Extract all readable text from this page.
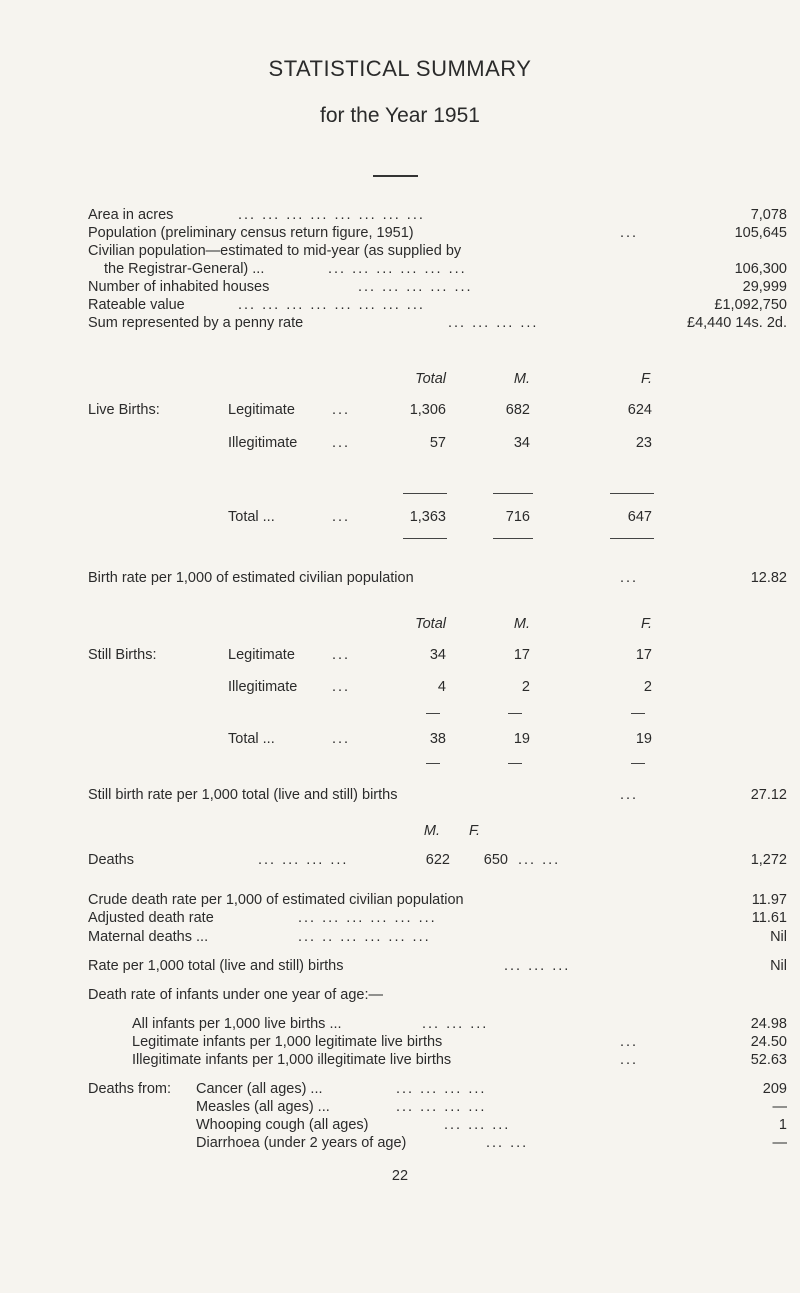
STATISTICAL SUMMARY
for the Year 1951
Area in acres	... ... ... ... ... ... ... ...	7,078
Population (preliminary census return figure, 1951)	...	105,645
Civilian population—estimated to mid-year (as supplied by
the Registrar-General) ...	... ... ... ... ... ...	106,300
Number of inhabited houses	... ... ... ... ...	29,999
Rateable value	... ... ... ... ... ... ... ...	£1,092,750
Sum represented by a penny rate	... ... ... ...	£4,440 14s. 2d.
Total	M.	F.
Live Births:	Legitimate	...	1,306	682	624
Illegitimate ...	57	34	23
Total ...	...	1,363	716	647
Birth rate per 1,000 of estimated civilian population	...	12.82
Total	M.	F.
Still Births:	Legitimate	...	34	17	17
Illegitimate ...	4	2	2
Total ...	...	38	19	19
Still birth rate per 1,000 total (live and still) births	...	27.12
M.	F.
Deaths	... ... ... ...	622	650 ... ...	1,272
Crude death rate per 1,000 of estimated civilian population	11.97
Adjusted death rate	... ... ... ... ... ...	11.61
Maternal deaths ...	... .. ... ... ... ...	Nil
Rate per 1,000 total (live and still) births	... ... ...	Nil
Death rate of infants under one year of age:—
All infants per 1,000 live births ...	... ... ...	24.98
Legitimate infants per 1,000 legitimate live births	...	24.50
Illegitimate infants per 1,000 illegitimate live births	...	52.63
Deaths from: Cancer (all ages) ...	... ... ... ...	209
Measles (all ages) ...	... ... ... ...	—
Whooping cough (all ages)	... ... ...	1
Diarrhoea (under 2 years of age)	... ...	—
22
